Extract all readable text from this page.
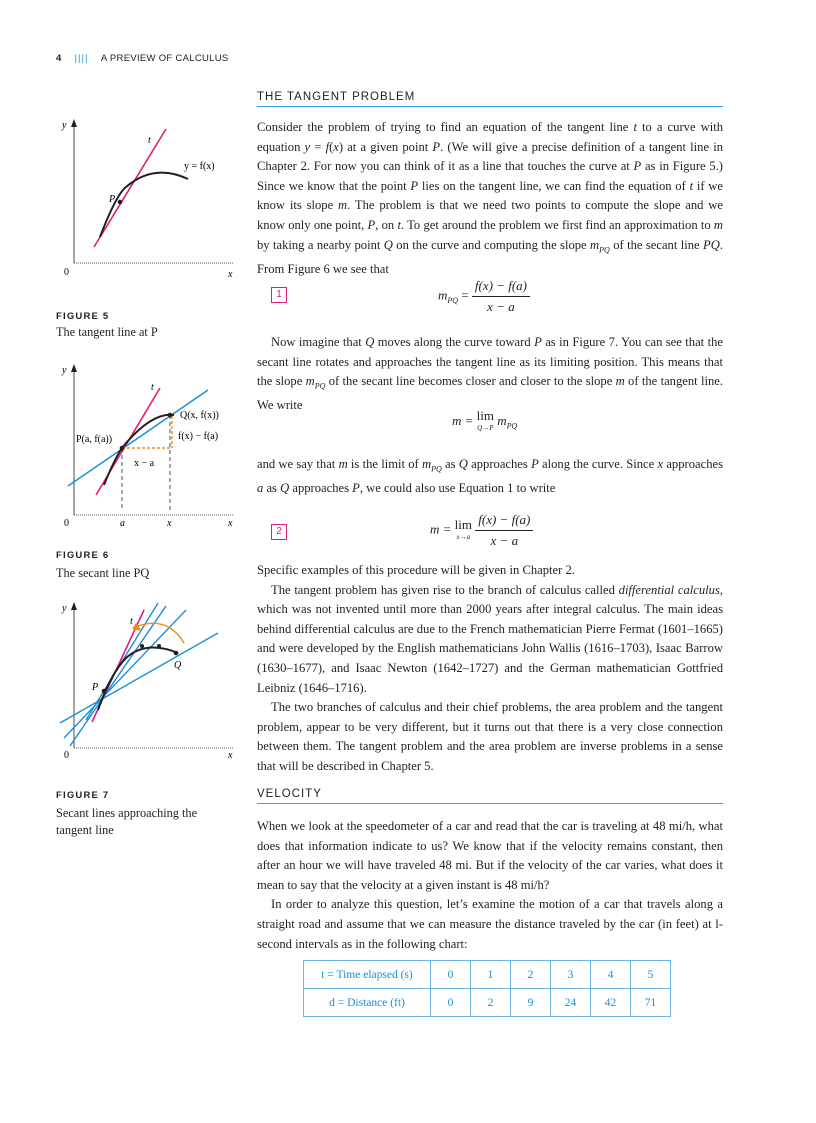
4 |||| A PREVIEW OF CALCULUS
THE TANGENT PROBLEM

Consider the problem of trying to find an equation of the tangent line t to a curve with equation y = f(x) at a given point P. (We will give a precise definition of a tangent line in Chapter 2. For now you can think of it as a line that touches the curve at P as in Figure 5.) Since we know that the point P lies on the tangent line, we can find the equation of t if we know its slope m. The problem is that we need two points to compute the slope and we know only one point, P, on t. To get around the problem we first find an approximation to m by taking a nearby point Q on the curve and computing the slope $m_{PQ}$ of the secant line PQ. From Figure 6 we see that

1	$m_{PQ} = \frac{f(x) - f(a)}{x - a}$

Now imagine that Q moves along the curve toward P as in Figure 7. You can see that the secant line rotates and approaches the tangent line as its limiting position. This means that the slope $m_{PQ}$ of the secant line becomes closer and closer to the slope m of the tangent line. We write

m = lim
Q→P
$m_{PQ}$

and we say that m is the limit of $m_{PQ}$ as Q approaches P along the curve. Since x approaches a as Q approaches P, we could also use Equation 1 to write

2	m = lim
x→a
$\frac{f(x) - f(a)}{x - a}$

Specific examples of this procedure will be given in Chapter 2.

The tangent problem has given rise to the branch of calculus called differential calculus, which was not invented until more than 2000 years after integral calculus. The main ideas behind differential calculus are due to the French mathematician Pierre Fermat (1601–1665) and were developed by the English mathematicians John Wallis (1616–1703), Isaac Barrow (1630–1677), and Isaac Newton (1642–1727) and the German mathematician Gottfried Leibniz (1646–1716).

The two branches of calculus and their chief problems, the area problem and the tangent problem, appear to be very different, but it turns out that there is a very close connection between them. The tangent problem and the area problem are inverse problems in a sense that will be described in Chapter 5.

VELOCITY

When we look at the speedometer of a car and read that the car is traveling at 48 mi/h, what does that information indicate to us? We know that if the velocity remains constant, then after an hour we will have traveled 48 mi. But if the velocity of the car varies, what does it mean to say that the velocity at a given instant is 48 mi/h?

In order to analyze this question, let’s examine the motion of a car that travels along a straight road and assume that we can measure the distance traveled by the car (in feet) at l-second intervals as in the following chart:

t = Time elapsed (s)	0	1	2	3	4	5
d = Distance (ft)	0	2	9	24	42	71
y
x
0
t
y = f(x)
P
FIGURE 5
The tangent line at P
y
x
0
t
Q(x, f(x))
f(x) − f(a)
P(a, f(a))
x − a
a	x
FIGURE 6
The secant line PQ
y
x
0
t
Q
P
FIGURE 7
Secant lines approaching the tangent line
